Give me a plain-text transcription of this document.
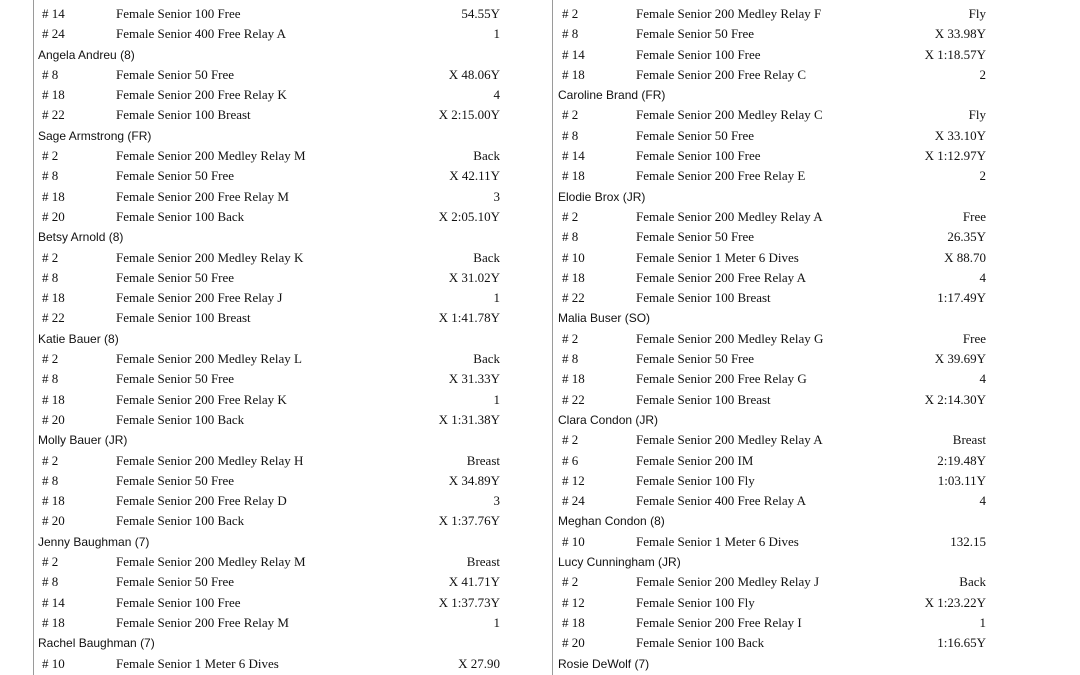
# 14	Female Senior 100 Free	54.55Y
# 24	Female Senior 400 Free Relay A	1
Angela Andreu (8)
# 8	Female Senior 50 Free	X 48.06Y
# 18	Female Senior 200 Free Relay K	4
# 22	Female Senior 100 Breast	X 2:15.00Y
Sage Armstrong (FR)
# 2	Female Senior 200 Medley Relay M	Back
# 8	Female Senior 50 Free	X 42.11Y
# 18	Female Senior 200 Free Relay M	3
# 20	Female Senior 100 Back	X 2:05.10Y
Betsy Arnold (8)
# 2	Female Senior 200 Medley Relay K	Back
# 8	Female Senior 50 Free	X 31.02Y
# 18	Female Senior 200 Free Relay J	1
# 22	Female Senior 100 Breast	X 1:41.78Y
Katie Bauer (8)
# 2	Female Senior 200 Medley Relay L	Back
# 8	Female Senior 50 Free	X 31.33Y
# 18	Female Senior 200 Free Relay K	1
# 20	Female Senior 100 Back	X 1:31.38Y
Molly Bauer (JR)
# 2	Female Senior 200 Medley Relay H	Breast
# 8	Female Senior 50 Free	X 34.89Y
# 18	Female Senior 200 Free Relay D	3
# 20	Female Senior 100 Back	X 1:37.76Y
Jenny Baughman (7)
# 2	Female Senior 200 Medley Relay M	Breast
# 8	Female Senior 50 Free	X 41.71Y
# 14	Female Senior 100 Free	X 1:37.73Y
# 18	Female Senior 200 Free Relay M	1
Rachel Baughman (7)
# 10	Female Senior 1 Meter 6 Dives	X 27.90
# 2	Female Senior 200 Medley Relay F	Fly
# 8	Female Senior 50 Free	X 33.98Y
# 14	Female Senior 100 Free	X 1:18.57Y
# 18	Female Senior 200 Free Relay C	2
Caroline Brand (FR)
# 2	Female Senior 200 Medley Relay C	Fly
# 8	Female Senior 50 Free	X 33.10Y
# 14	Female Senior 100 Free	X 1:12.97Y
# 18	Female Senior 200 Free Relay E	2
Elodie Brox (JR)
# 2	Female Senior 200 Medley Relay A	Free
# 8	Female Senior 50 Free	26.35Y
# 10	Female Senior 1 Meter 6 Dives	X 88.70
# 18	Female Senior 200 Free Relay A	4
# 22	Female Senior 100 Breast	1:17.49Y
Malia Buser (SO)
# 2	Female Senior 200 Medley Relay G	Free
# 8	Female Senior 50 Free	X 39.69Y
# 18	Female Senior 200 Free Relay G	4
# 22	Female Senior 100 Breast	X 2:14.30Y
Clara Condon (JR)
# 2	Female Senior 200 Medley Relay A	Breast
# 6	Female Senior 200 IM	2:19.48Y
# 12	Female Senior 100 Fly	1:03.11Y
# 24	Female Senior 400 Free Relay A	4
Meghan Condon (8)
# 10	Female Senior 1 Meter 6 Dives	132.15
Lucy Cunningham (JR)
# 2	Female Senior 200 Medley Relay J	Back
# 12	Female Senior 100 Fly	X 1:23.22Y
# 18	Female Senior 200 Free Relay I	1
# 20	Female Senior 100 Back	1:16.65Y
Rosie DeWolf (7)
